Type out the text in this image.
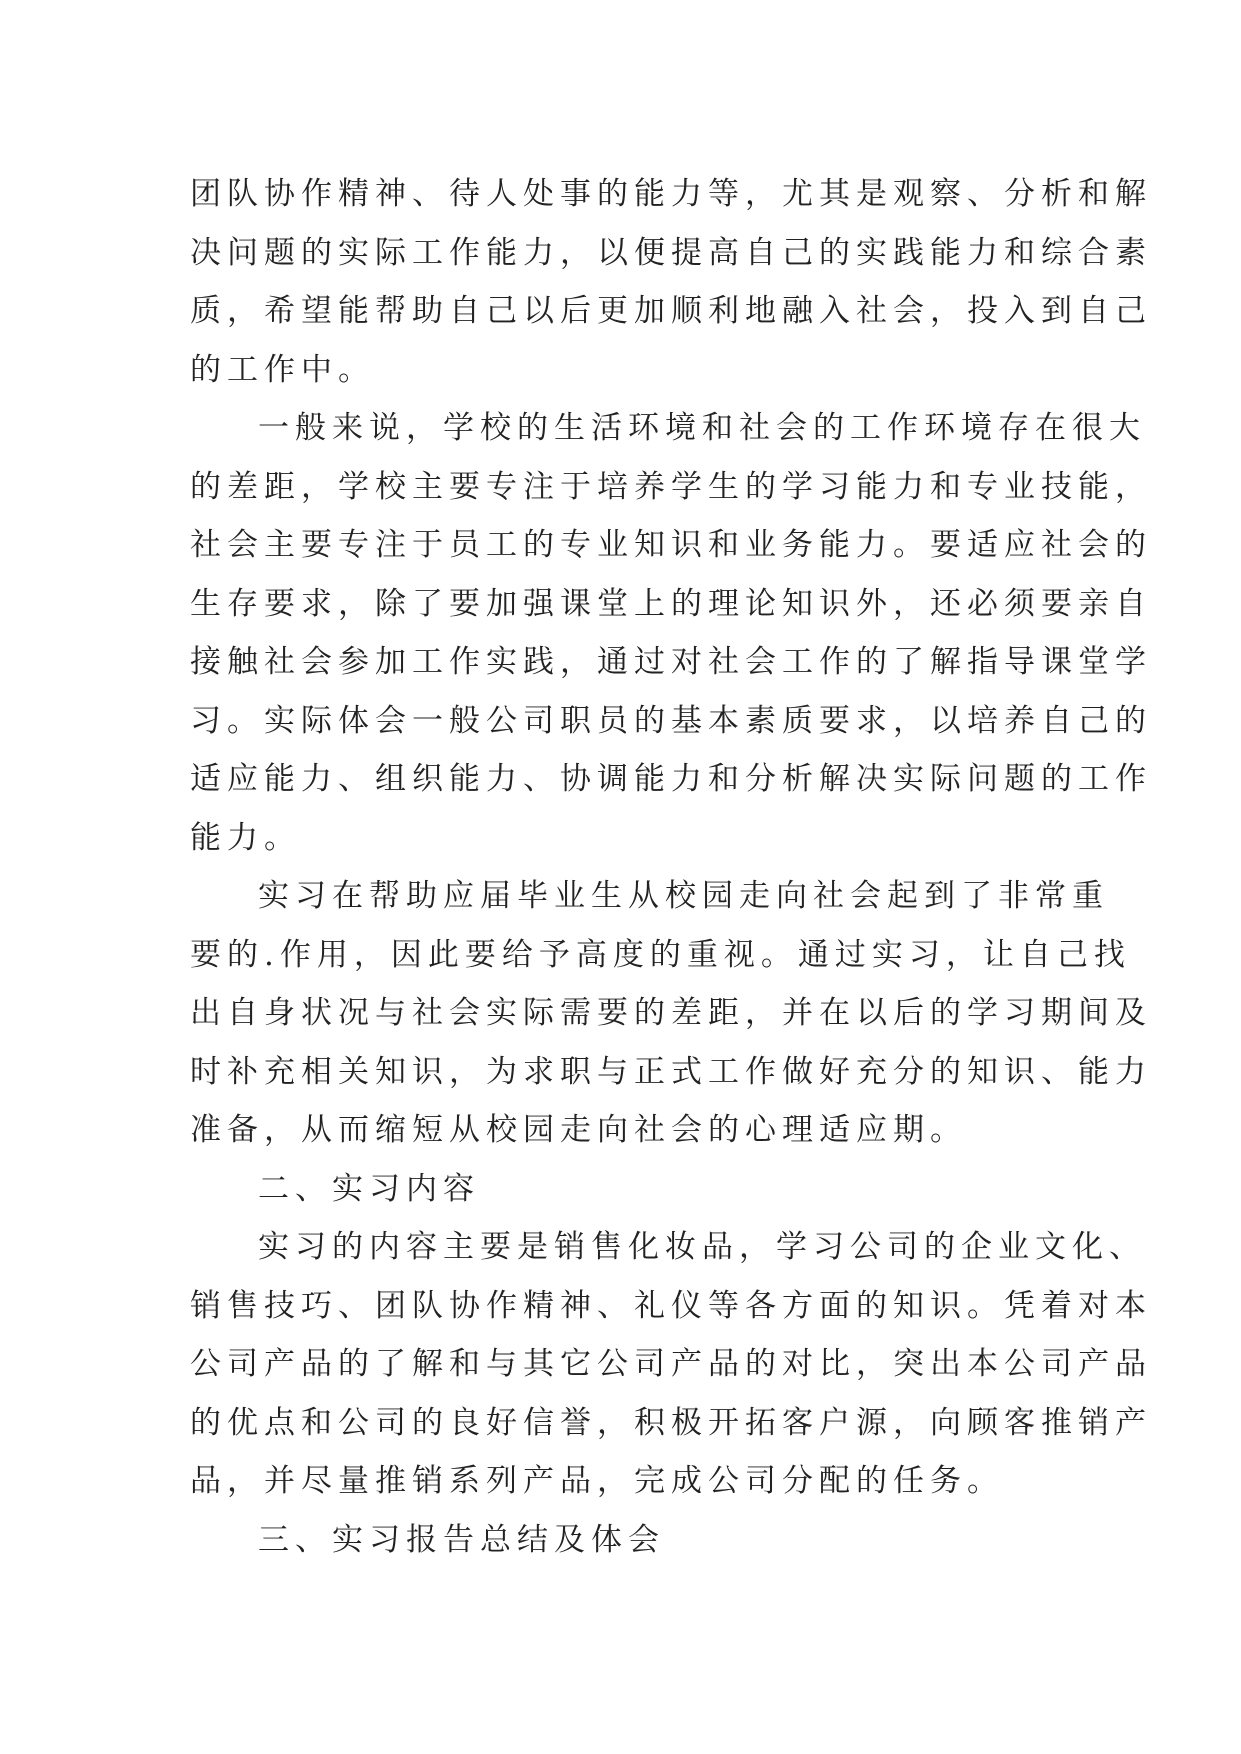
团队协作精神、待人处事的能力等，尤其是观察、分析和解
决问题的实际工作能力，以便提高自己的实践能力和综合素
质，希望能帮助自己以后更加顺利地融入社会，投入到自己
的工作中。
一般来说，学校的生活环境和社会的工作环境存在很大
的差距，学校主要专注于培养学生的学习能力和专业技能，
社会主要专注于员工的专业知识和业务能力。要适应社会的
生存要求，除了要加强课堂上的理论知识外，还必须要亲自
接触社会参加工作实践，通过对社会工作的了解指导课堂学
习。实际体会一般公司职员的基本素质要求，以培养自己的
适应能力、组织能力、协调能力和分析解决实际问题的工作
能力。
实习在帮助应届毕业生从校园走向社会起到了非常重
要的.作用，因此要给予高度的重视。通过实习，让自己找
出自身状况与社会实际需要的差距，并在以后的学习期间及
时补充相关知识，为求职与正式工作做好充分的知识、能力
准备，从而缩短从校园走向社会的心理适应期。
二、实习内容
实习的内容主要是销售化妆品，学习公司的企业文化、
销售技巧、团队协作精神、礼仪等各方面的知识。凭着对本
公司产品的了解和与其它公司产品的对比，突出本公司产品
的优点和公司的良好信誉，积极开拓客户源，向顾客推销产
品，并尽量推销系列产品，完成公司分配的任务。
三、实习报告总结及体会
